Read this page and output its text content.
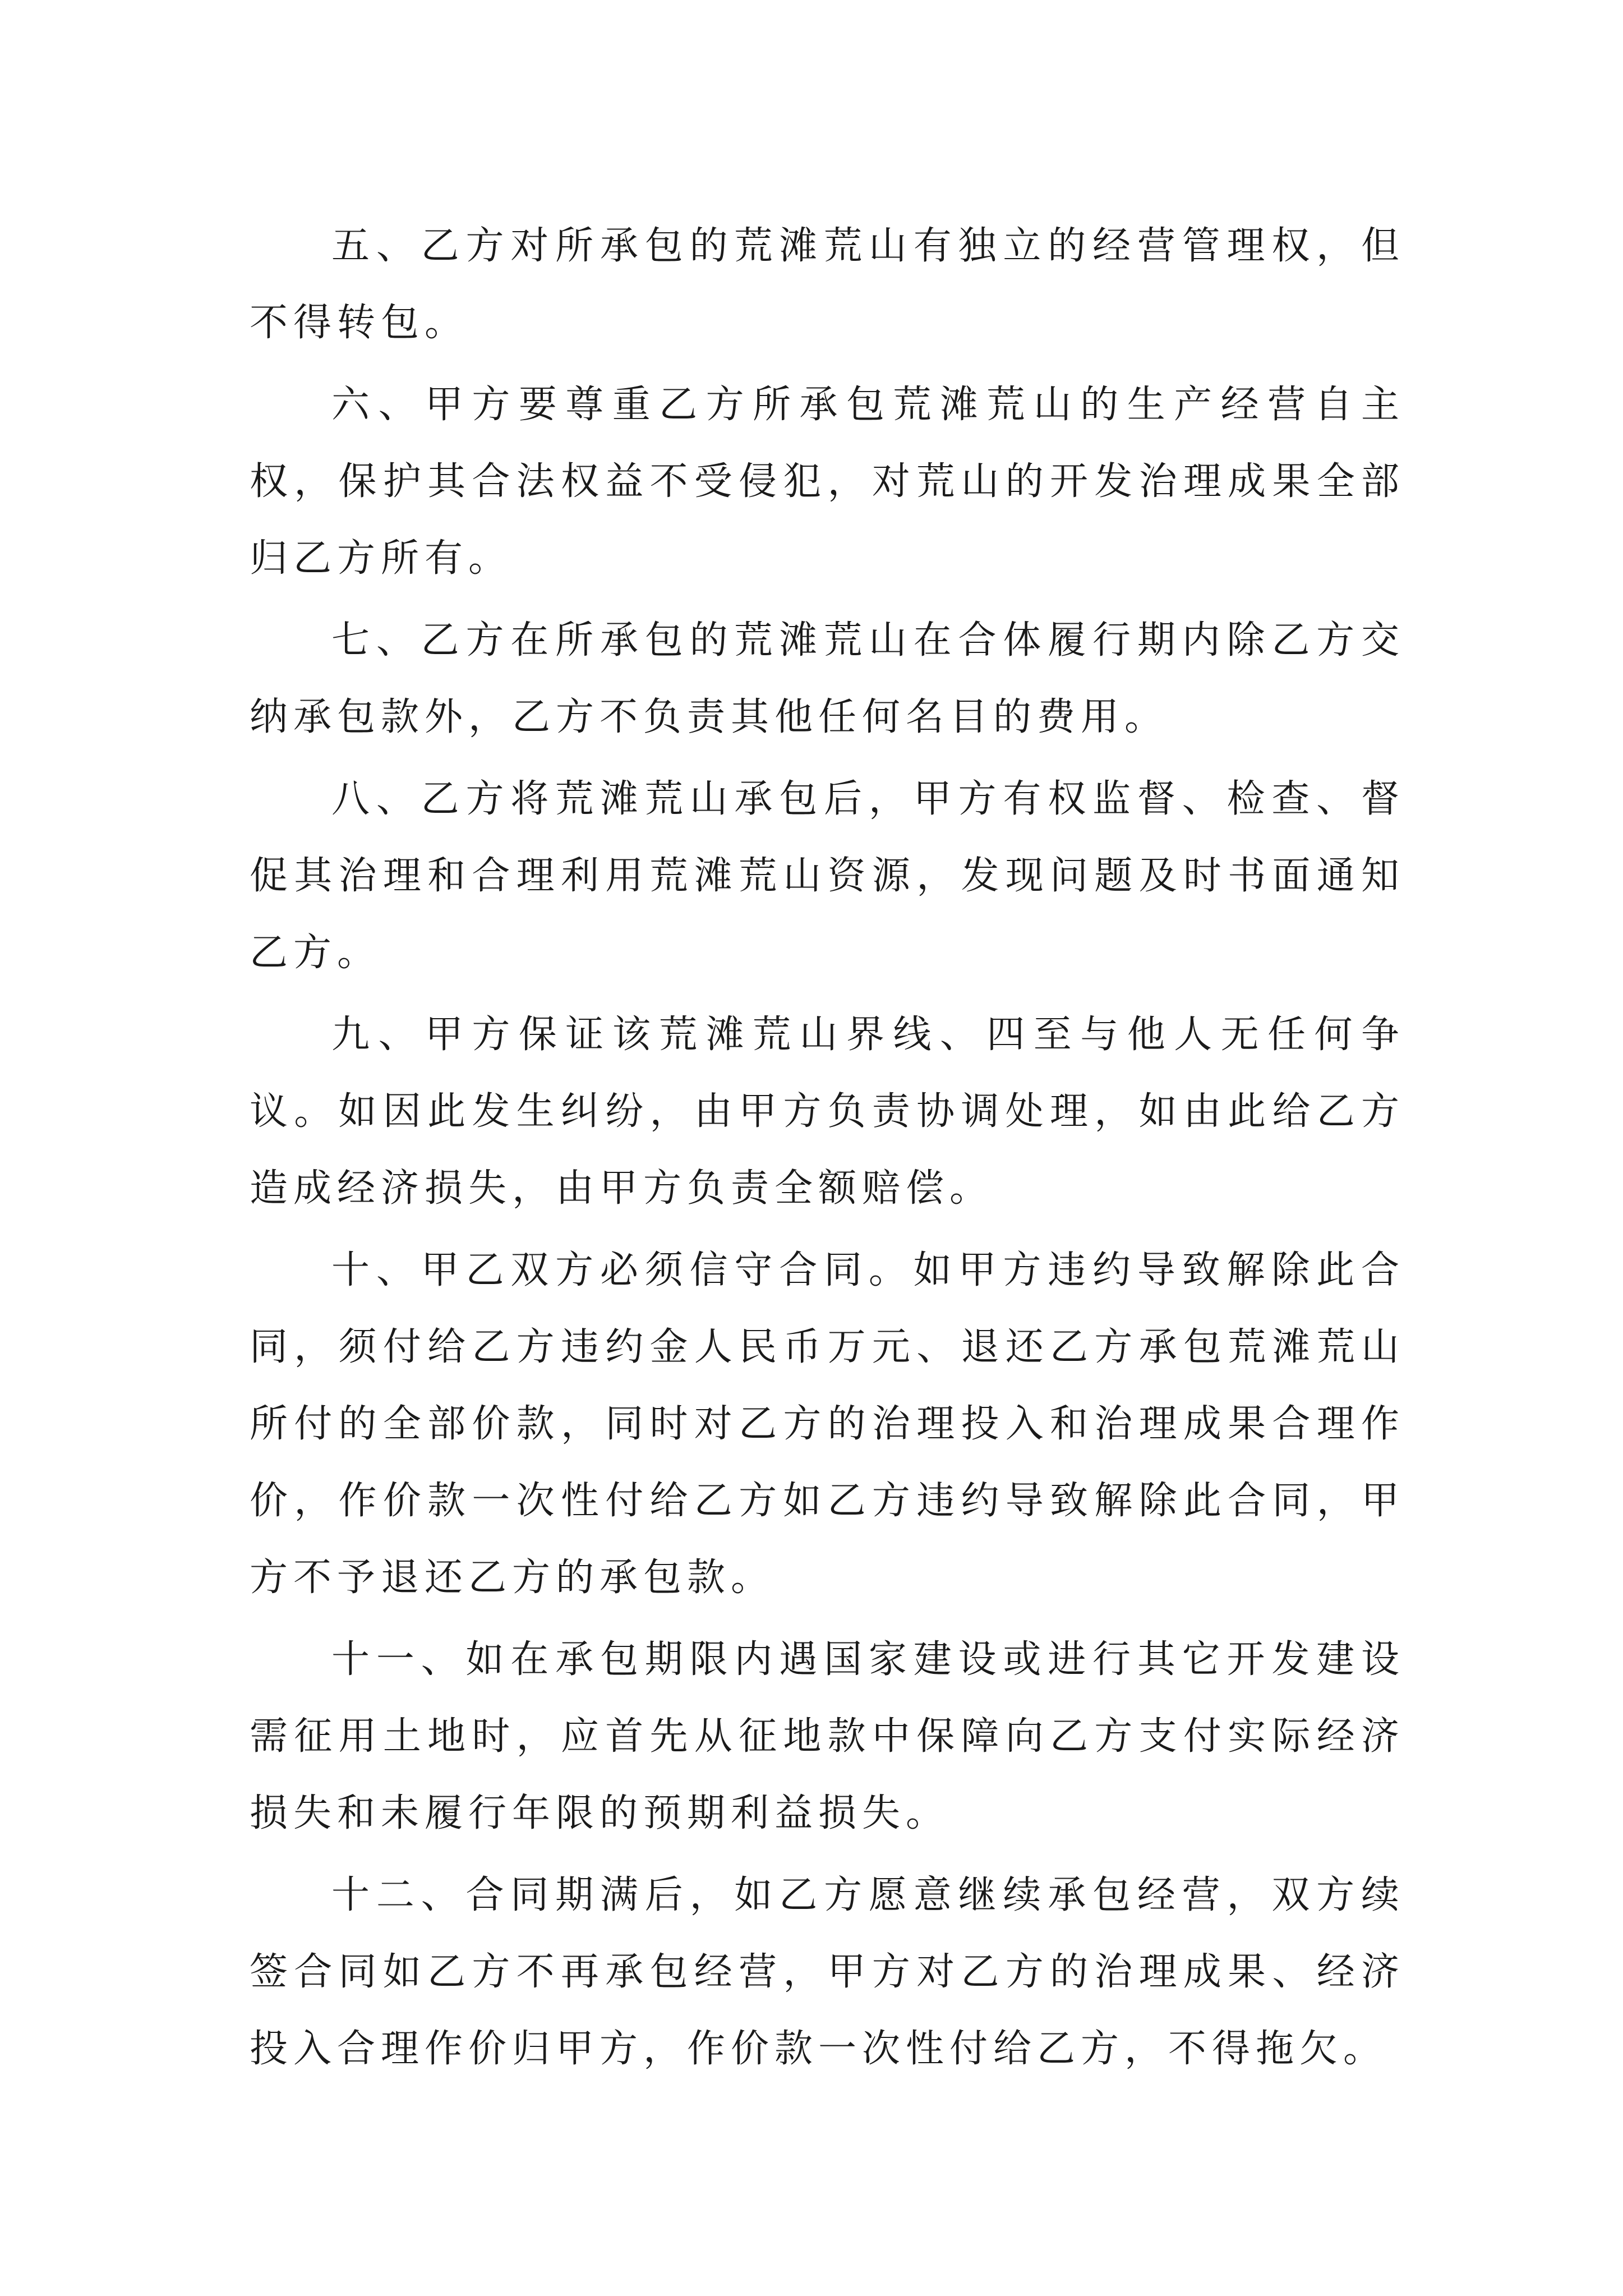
五、乙方对所承包的荒滩荒山有独立的经营管理权，但不得转包。

六、甲方要尊重乙方所承包荒滩荒山的生产经营自主权，保护其合法权益不受侵犯，对荒山的开发治理成果全部归乙方所有。

七、乙方在所承包的荒滩荒山在合体履行期内除乙方交纳承包款外，乙方不负责其他任何名目的费用。

八、乙方将荒滩荒山承包后，甲方有权监督、检查、督促其治理和合理利用荒滩荒山资源，发现问题及时书面通知乙方。

九、甲方保证该荒滩荒山界线、四至与他人无任何争议。如因此发生纠纷，由甲方负责协调处理，如由此给乙方造成经济损失，由甲方负责全额赔偿。

十、甲乙双方必须信守合同。如甲方违约导致解除此合同，须付给乙方违约金人民币万元、退还乙方承包荒滩荒山所付的全部价款，同时对乙方的治理投入和治理成果合理作价，作价款一次性付给乙方如乙方违约导致解除此合同，甲方不予退还乙方的承包款。

十一、如在承包期限内遇国家建设或进行其它开发建设需征用土地时，应首先从征地款中保障向乙方支付实际经济损失和未履行年限的预期利益损失。

十二、合同期满后，如乙方愿意继续承包经营，双方续签合同如乙方不再承包经营，甲方对乙方的治理成果、经济投入合理作价归甲方，作价款一次性付给乙方，不得拖欠。
